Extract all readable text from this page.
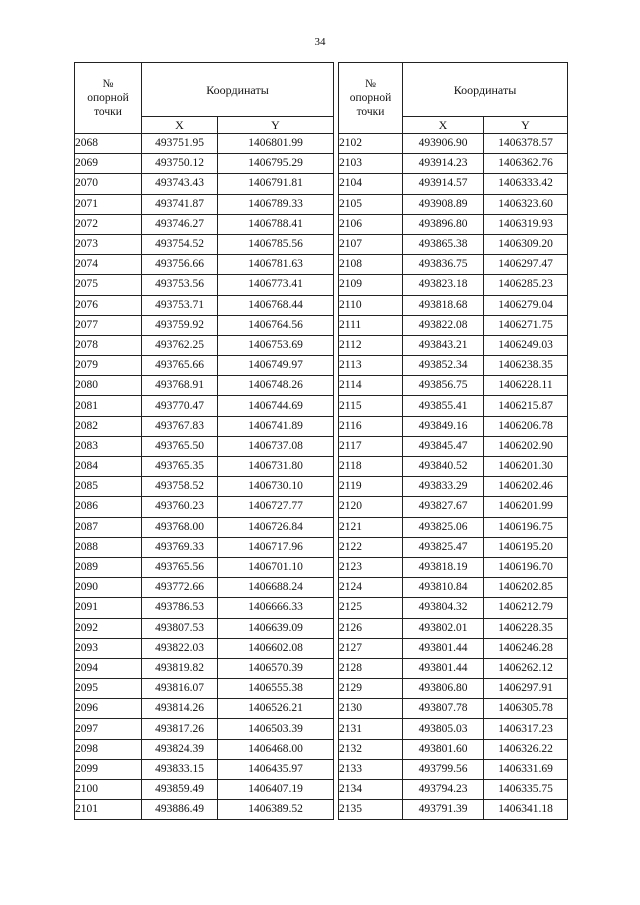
34
№
опорной
точки	Координаты	
	X	Y
2068	493751.95	1406801.99
2069	493750.12	1406795.29
2070	493743.43	1406791.81
2071	493741.87	1406789.33
2072	493746.27	1406788.41
2073	493754.52	1406785.56
2074	493756.66	1406781.63
2075	493753.56	1406773.41
2076	493753.71	1406768.44
2077	493759.92	1406764.56
2078	493762.25	1406753.69
2079	493765.66	1406749.97
2080	493768.91	1406748.26
2081	493770.47	1406744.69
2082	493767.83	1406741.89
2083	493765.50	1406737.08
2084	493765.35	1406731.80
2085	493758.52	1406730.10
2086	493760.23	1406727.77
2087	493768.00	1406726.84
2088	493769.33	1406717.96
2089	493765.56	1406701.10
2090	493772.66	1406688.24
2091	493786.53	1406666.33
2092	493807.53	1406639.09
2093	493822.03	1406602.08
2094	493819.82	1406570.39
2095	493816.07	1406555.38
2096	493814.26	1406526.21
2097	493817.26	1406503.39
2098	493824.39	1406468.00
2099	493833.15	1406435.97
2100	493859.49	1406407.19
2101	493886.49	1406389.52
№
опорной
точки	Координаты	
	X	Y
2102	493906.90	1406378.57
2103	493914.23	1406362.76
2104	493914.57	1406333.42
2105	493908.89	1406323.60
2106	493896.80	1406319.93
2107	493865.38	1406309.20
2108	493836.75	1406297.47
2109	493823.18	1406285.23
2110	493818.68	1406279.04
2111	493822.08	1406271.75
2112	493843.21	1406249.03
2113	493852.34	1406238.35
2114	493856.75	1406228.11
2115	493855.41	1406215.87
2116	493849.16	1406206.78
2117	493845.47	1406202.90
2118	493840.52	1406201.30
2119	493833.29	1406202.46
2120	493827.67	1406201.99
2121	493825.06	1406196.75
2122	493825.47	1406195.20
2123	493818.19	1406196.70
2124	493810.84	1406202.85
2125	493804.32	1406212.79
2126	493802.01	1406228.35
2127	493801.44	1406246.28
2128	493801.44	1406262.12
2129	493806.80	1406297.91
2130	493807.78	1406305.78
2131	493805.03	1406317.23
2132	493801.60	1406326.22
2133	493799.56	1406331.69
2134	493794.23	1406335.75
2135	493791.39	1406341.18
